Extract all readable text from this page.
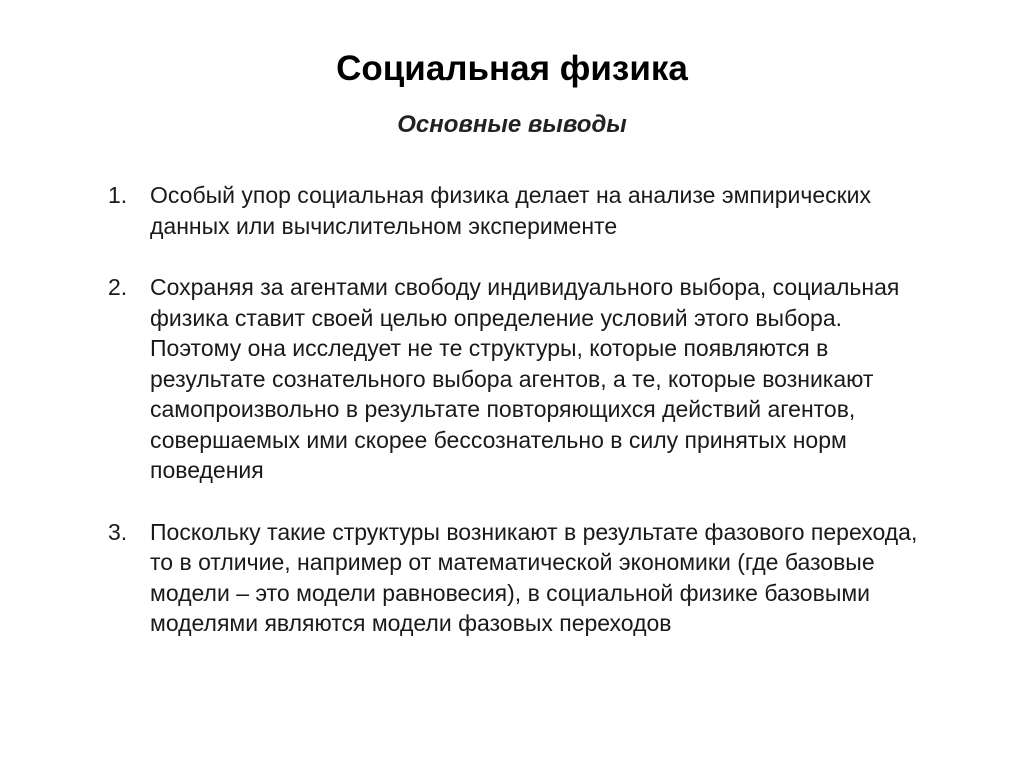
Социальная физика
Основные выводы
1. Особый упор социальная физика делает на анализе эмпирических данных или вычислительном эксперименте
2. Сохраняя за агентами свободу индивидуального выбора, социальная физика ставит своей целью определение условий этого выбора. Поэтому она исследует не те структуры, которые появляются в результате сознательного выбора агентов, а те, которые возникают самопроизвольно в результате повторяющихся действий агентов, совершаемых ими скорее бессознательно в силу принятых норм поведения
3. Поскольку такие структуры возникают в результате фазового перехода, то в отличие, например от математической экономики (где базовые модели – это модели равновесия), в социальной физике базовыми моделями являются модели фазовых переходов
